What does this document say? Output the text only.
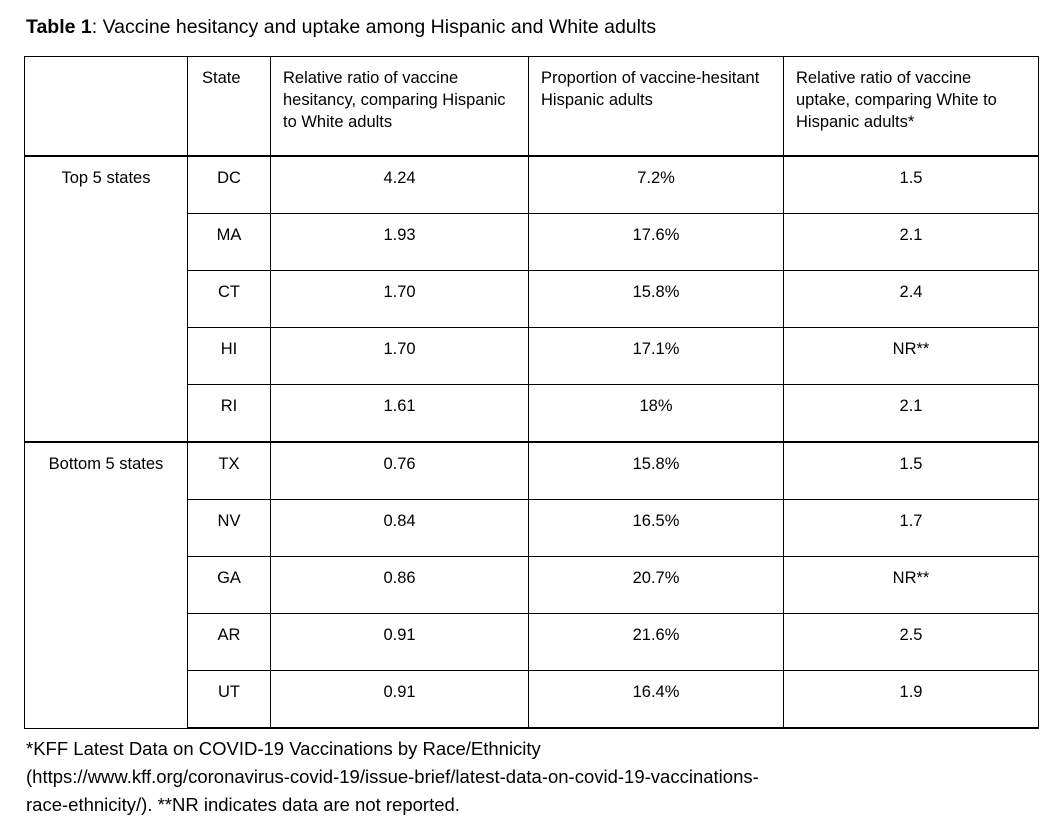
Table 1: Vaccine hesitancy and uptake among Hispanic and White adults
	State	Relative ratio of vaccine hesitancy, comparing Hispanic to White adults	Proportion of vaccine-hesitant Hispanic adults	Relative ratio of vaccine uptake, comparing White to Hispanic adults*
Top 5 states	DC	4.24	7.2%	1.5
	MA	1.93	17.6%	2.1
	CT	1.70	15.8%	2.4
	HI	1.70	17.1%	NR**
	RI	1.61	18%	2.1
Bottom 5 states	TX	0.76	15.8%	1.5
	NV	0.84	16.5%	1.7
	GA	0.86	20.7%	NR**
	AR	0.91	21.6%	2.5
	UT	0.91	16.4%	1.9
*KFF Latest Data on COVID-19 Vaccinations by Race/Ethnicity
(https://www.kff.org/coronavirus-covid-19/issue-brief/latest-data-on-covid-19-vaccinations-
race-ethnicity/). **NR indicates data are not reported.
